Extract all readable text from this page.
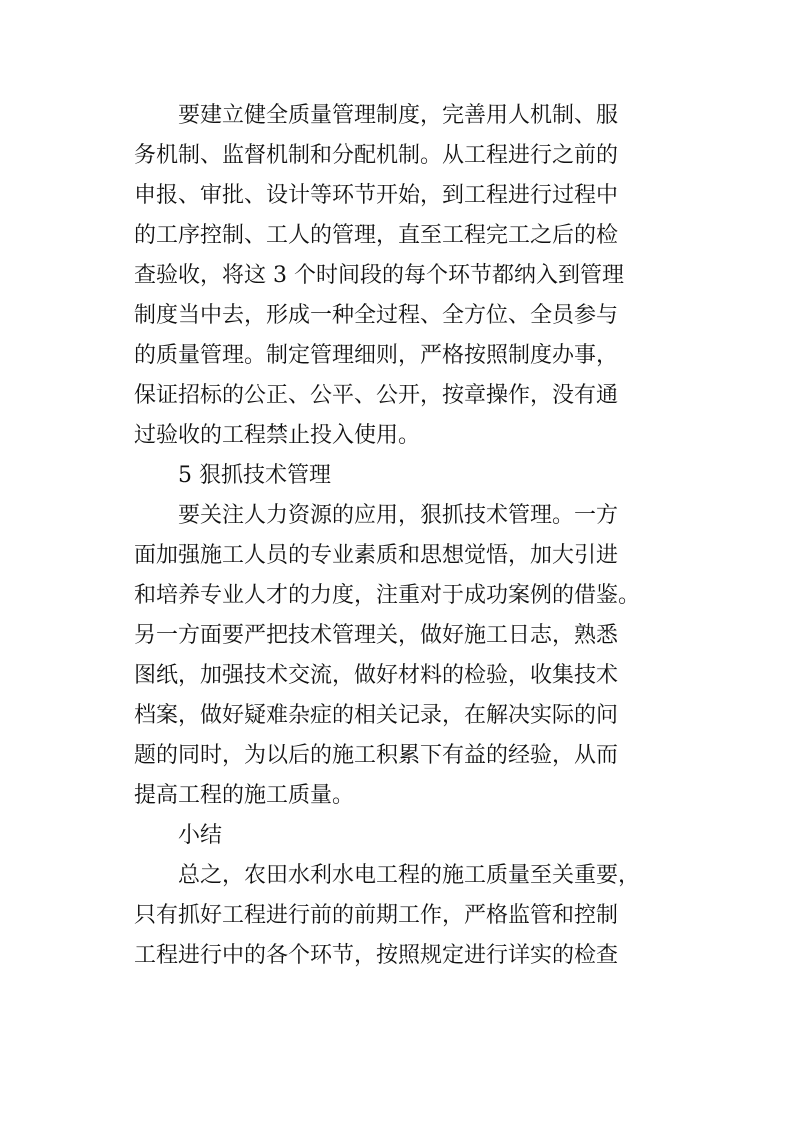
要建立健全质量管理制度，完善用人机制、服
务机制、监督机制和分配机制。从工程进行之前的
申报、审批、设计等环节开始，到工程进行过程中
的工序控制、工人的管理，直至工程完工之后的检
查验收，将这 3 个时间段的每个环节都纳入到管理
制度当中去，形成一种全过程、全方位、全员参与
的质量管理。制定管理细则，严格按照制度办事，
保证招标的公正、公平、公开，按章操作，没有通
过验收的工程禁止投入使用。
5 狠抓技术管理
要关注人力资源的应用，狠抓技术管理。一方
面加强施工人员的专业素质和思想觉悟，加大引进
和培养专业人才的力度，注重对于成功案例的借鉴。
另一方面要严把技术管理关，做好施工日志，熟悉
图纸，加强技术交流，做好材料的检验，收集技术
档案，做好疑难杂症的相关记录，在解决实际的问
题的同时，为以后的施工积累下有益的经验，从而
提高工程的施工质量。
小结
总之，农田水利水电工程的施工质量至关重要，
只有抓好工程进行前的前期工作，严格监管和控制
工程进行中的各个环节，按照规定进行详实的检查
